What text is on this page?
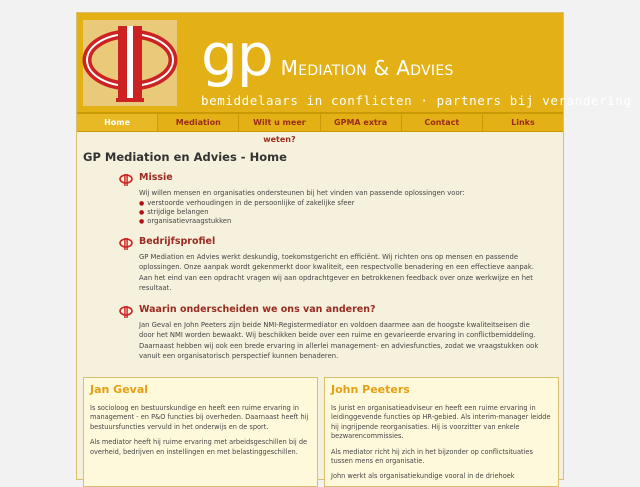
gp Mediation & Advies
bemiddelaars in conflicten · partners bij verandering
Home	Mediation	Wilt u meer weten?
GPMA extra	Contact	Links
GP Mediation en Advies - Home
Missie

Wij willen mensen en organisaties ondersteunen bij het vinden van passende oplossingen voor:

● verstoorde verhoudingen in de persoonlijke of zakelijke sfeer
● strijdige belangen
● organisatievraagstukken
Bedrijfsprofiel

GP Mediation en Advies werkt deskundig, toekomstgericht en efficiënt. Wij richten ons op mensen en passende oplossingen. Onze aanpak wordt gekenmerkt door kwaliteit, een respectvolle benadering en een effectieve aanpak. Aan het eind van een opdracht vragen wij aan opdrachtgever en betrokkenen feedback over onze werkwijze en het resultaat.

Waarin onderscheiden we ons van anderen?

Jan Geval en John Peeters zijn beide NMI-Registermediator en voldoen daarmee aan de hoogste kwaliteitseisen die door het NMI worden bewaakt. Wij beschikken beide over een ruime en gevarieerde ervaring in conflictbemiddeling. Daarnaast hebben wij ook een brede ervaring in allerlei management- en adviesfuncties, zodat we vraagstukken ook vanuit een organisatorisch perspectief kunnen benaderen.

Jan Geval

Is socioloog en bestuurskundige en heeft een ruime ervaring in management - en P&O functies bij overheden. Daarnaast heeft hij bestuursfuncties vervuld in het onderwijs en de sport.

Als mediator heeft hij ruime ervaring met arbeidsgeschillen bij de overheid, bedrijven en instellingen en met belastinggeschillen.

John Peeters

Is jurist en organisatieadviseur en heeft een ruime ervaring in leidinggevende functies op HR-gebied. Als interim-manager leidde hij ingrijpende reorganisaties. Hij is voorzitter van enkele bezwarencommissies.

Als mediator richt hij zich in het bijzonder op conflictsituaties tussen mens en organisatie.

John werkt als organisatiekundige vooral in de driehoek
